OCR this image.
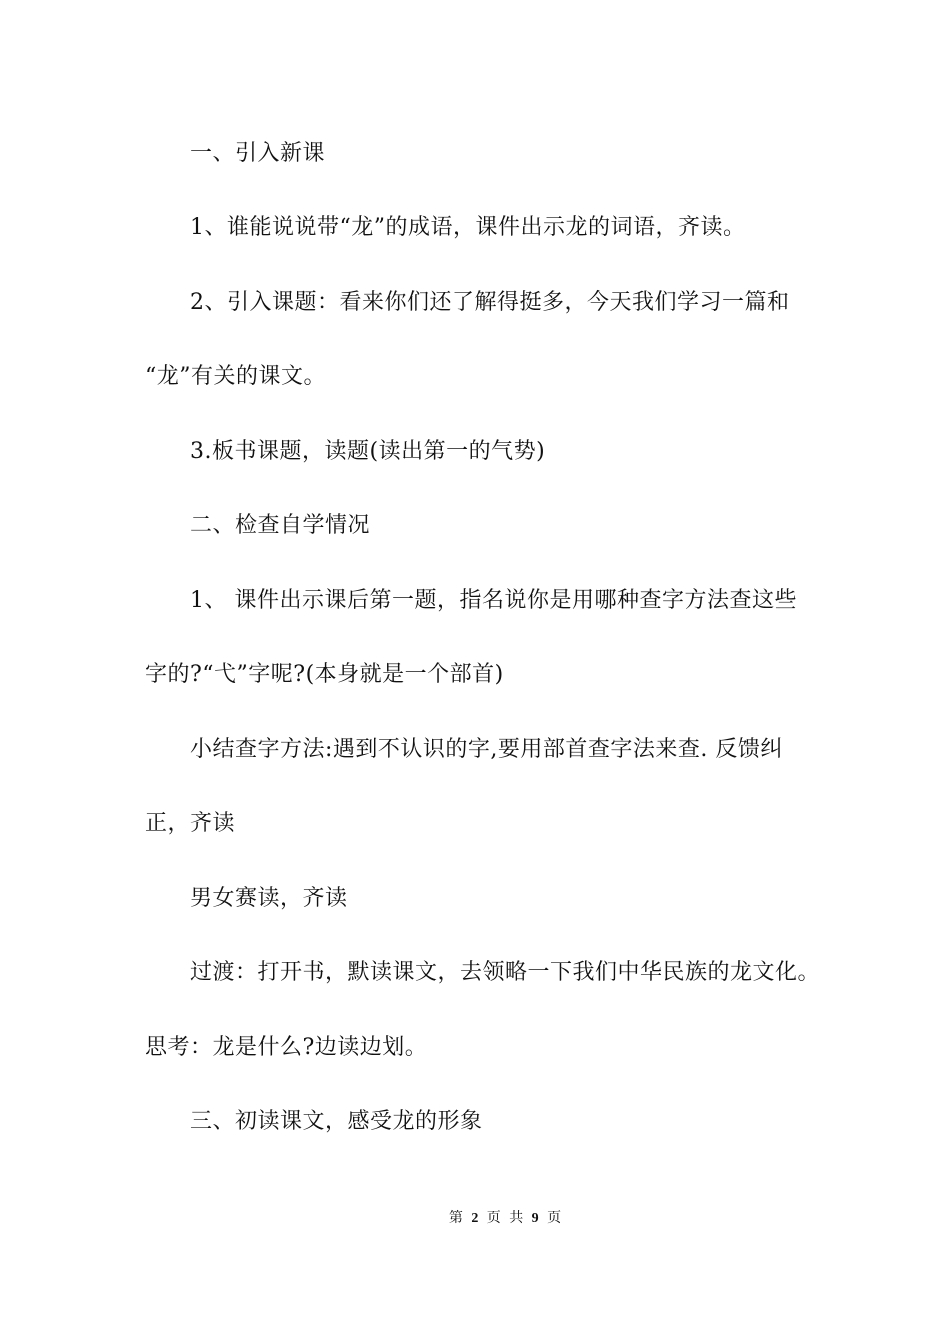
一、引入新课
1、谁能说说带“龙”的成语，课件出示龙的词语，齐读。
2、引入课题：看来你们还了解得挺多，今天我们学习一篇和
“龙”有关的课文。
3.板书课题，读题(读出第一的气势)
二、检查自学情况
1、 课件出示课后第一题，指名说你是用哪种查字方法查这些
字的?“弋”字呢?(本身就是一个部首)
小结查字方法:遇到不认识的字,要用部首查字法来查. 反馈纠
正，齐读
男女赛读，齐读
过渡：打开书，默读课文，去领略一下我们中华民族的龙文化。
思考：龙是什么?边读边划。
三、初读课文，感受龙的形象
第 2 页 共 9 页
